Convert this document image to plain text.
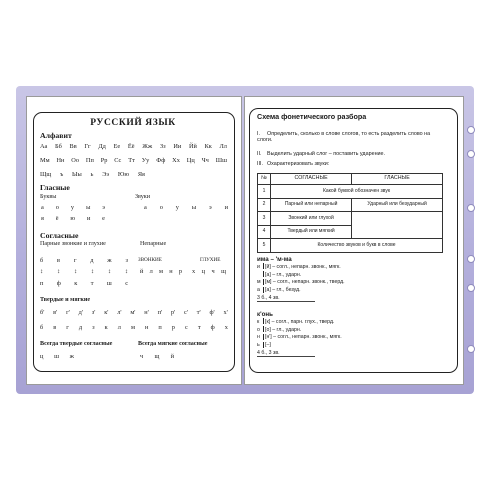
РУССКИЙ ЯЗЫК
Алфавит
Аа Бб Вв Гг Дд Ее Ёё Жж Зз Ии Йй Кк Лл
Мм Нн Оо Пп Рр Сс Тт Уу Фф Хх Цц Чч Шш
Щщ ъ Ыы ь Ээ Юю Яя
Гласные
Буквы	Звуки
а о у ы э
я ё ю и е
а о у ы э и
Согласные
Парные звонкие и глухие	Непарные
б в г д ж з
↕ ↕ ↕ ↕ ↕ ↕
п ф к т ш с
ЗВОНКИЕ	ГЛУХИЕ
й л м н р х ц ч щ
Твердые и мягкие
б' в' г' д' з' к' л' м' н' п' р' с' т' ф' х'
б в г д з к л м н п р с т ф х
Всегда твердые согласные	Всегда мягкие согласные
ц ш ж	ч щ й
Схема фонетического разбора
I. Определить, сколько в слове слогов, то есть разделить слово на слоги.
II. Выделить ударный слог – поставить ударение.
III. Охарактеризовать звуки:
№	СОГЛАСНЫЕ	ГЛАСНЫЕ
1	Какой буквой обозначен звук	
2	Парный или непарный	Ударный или безударный
3	Звонкий или глухой	
4	Твердый или мягкий	
5	Количество звуков и букв в слове	
има – 'м-ма
и [й] – согл., непарн. звонк., мягк.
[а] – гл., ударн.
м [м] – согл., непарн. звонк., тверд.
а [а] – гл., безуд.
3 б., 4 зв.
к'онь
к [к] – согл., парн. глух., тверд.
о [о] – гл., ударн.
н [н'] – согл., непарн. звонк., мягк.
ь [–]
4 б., 3 зв.
